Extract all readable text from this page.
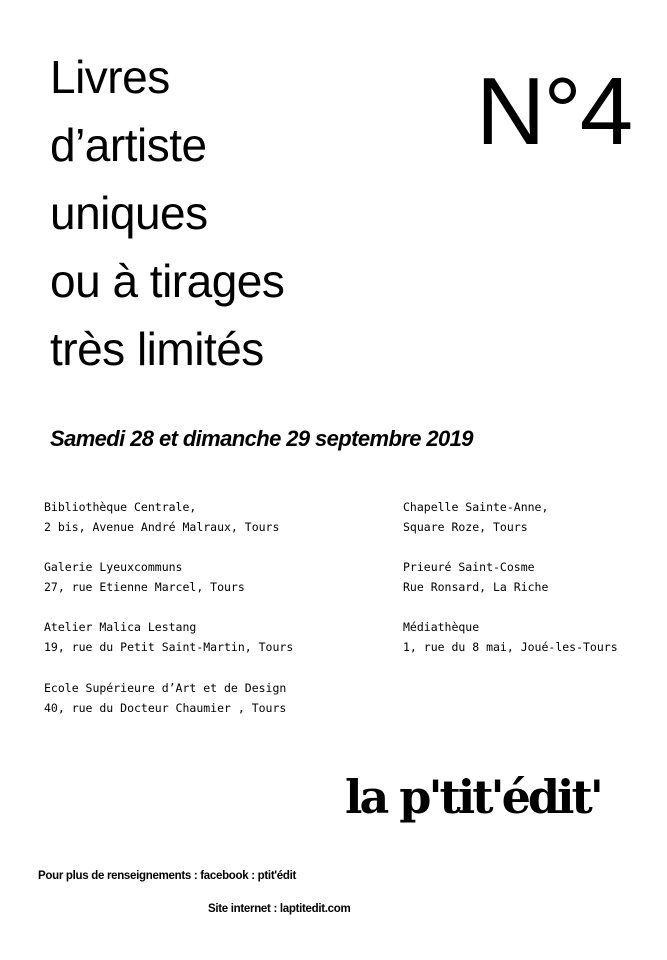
Livres
d’artiste
uniques
ou à tirages
très limités
N°4
Samedi 28 et dimanche 29 septembre 2019
Bibliothèque Centrale,
2 bis, Avenue André Malraux, Tours
Galerie Lyeuxcommuns
27, rue Etienne Marcel, Tours
Atelier Malica Lestang
19, rue du Petit Saint-Martin, Tours
Ecole Supérieure d’Art et de Design
40, rue du Docteur Chaumier , Tours
Chapelle Sainte-Anne,
Square Roze, Tours
Prieuré Saint-Cosme
Rue Ronsard, La Riche
Médiathèque
1, rue du 8 mai, Joué-les-Tours
la p'tit'édit'
Pour plus de renseignements : facebook : ptit'édit
Site internet : laptitedit.com
